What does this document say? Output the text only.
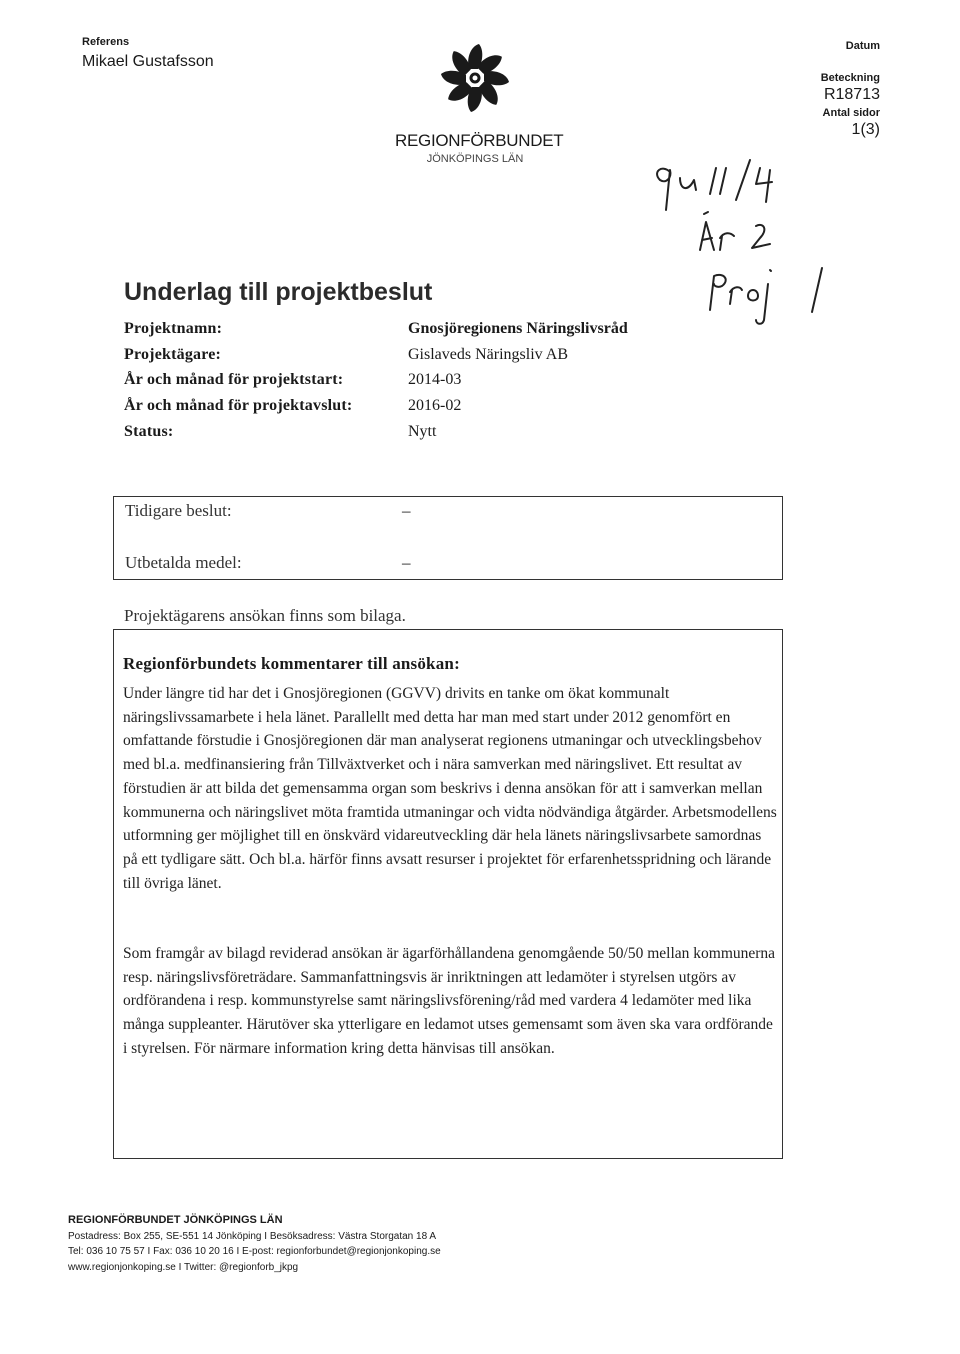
Referens
Mikael Gustafsson
REGIONFÖRBUNDET
JÖNKÖPINGS LÄN
Datum
Beteckning
R18713
Antal sidor
1(3)
Underlag till projektbeslut
Projektnamn:	Gnosjöregionens Näringslivsråd
Projektägare:	Gislaveds Näringsliv AB
År och månad för projektstart:	2014-03
År och månad för projektavslut:	2016-02
Status:	Nytt
Tidigare beslut:	–
Utbetalda medel:	–
Projektägarens ansökan finns som bilaga.
Regionförbundets kommentarer till ansökan:

Under längre tid har det i Gnosjöregionen (GGVV) drivits en tanke om ökat kommunalt näringslivssamarbete i hela länet. Parallellt med detta har man med start under 2012 genomfört en omfattande förstudie i Gnosjöregionen där man analyserat regionens utmaningar och utvecklingsbehov med bl.a. medfinansiering från Tillväxtverket och i nära samverkan med näringslivet. Ett resultat av förstudien är att bilda det gemensamma organ som beskrivs i denna ansökan för att i samverkan mellan kommunerna och näringslivet möta framtida utmaningar och vidta nödvändiga åtgärder. Arbetsmodellens utformning ger möjlighet till en önskvärd vidareutveckling där hela länets näringslivsarbete samordnas på ett tydligare sätt. Och bl.a. härför finns avsatt resurser i projektet för erfarenhetsspridning och lärande till övriga länet.

Som framgår av bilagd reviderad ansökan är ägarförhållandena genomgående 50/50 mellan kommunerna resp. näringslivsföreträdare. Sammanfattningsvis är inriktningen att ledamöter i styrelsen utgörs av ordförandena i resp. kommunstyrelse samt näringslivsförening/råd med vardera 4 ledamöter med lika många suppleanter. Härutöver ska ytterligare en ledamot utses gemensamt som även ska vara ordförande i styrelsen. För närmare information kring detta hänvisas till ansökan.

REGIONFÖRBUNDET JÖNKÖPINGS LÄN
Postadress: Box 255, SE-551 14 Jönköping I Besöksadress: Västra Storgatan 18 A
Tel: 036 10 75 57 I Fax: 036 10 20 16 I E-post: regionforbundet@regionjonkoping.se
www.regionjonkoping.se I Twitter: @regionforb_jkpg
